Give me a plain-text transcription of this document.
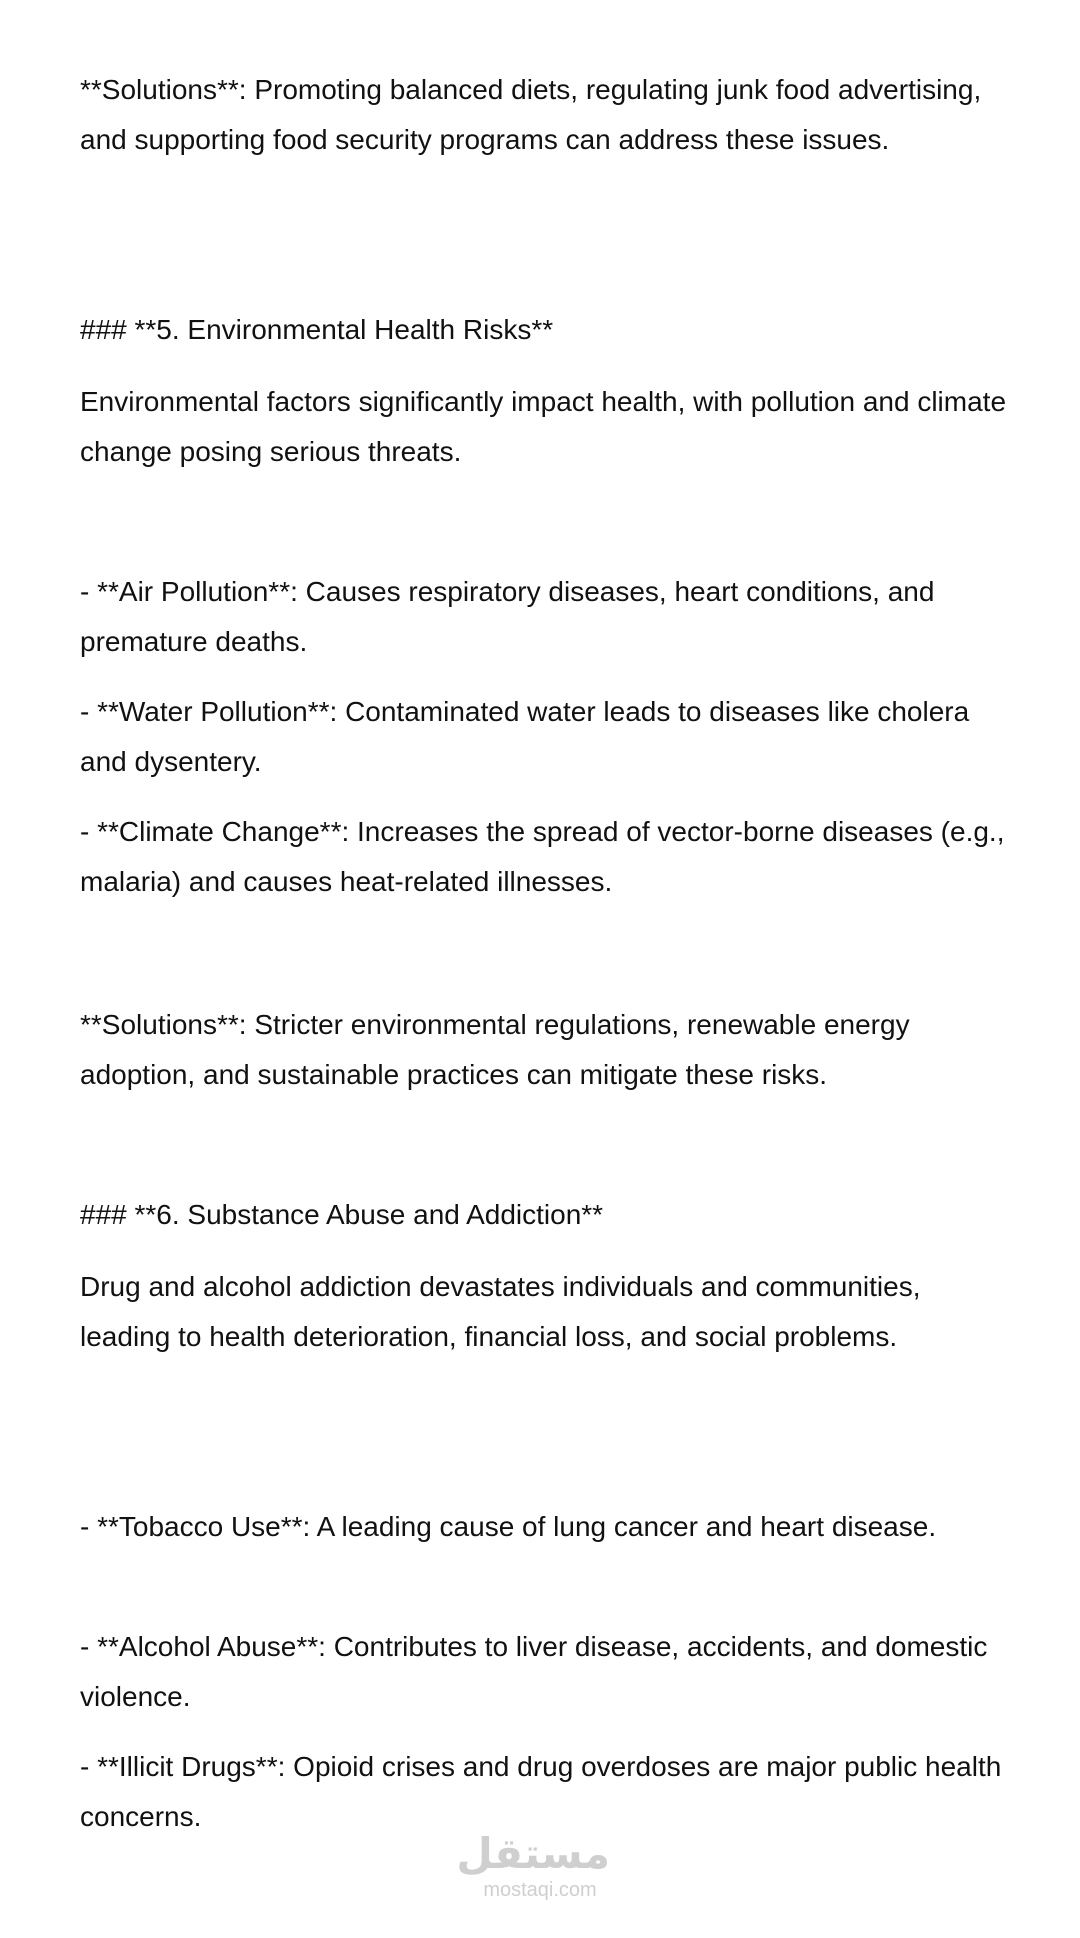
**Solutions**: Promoting balanced diets, regulating junk food advertising, and supporting food security programs can address these issues.

### **5. Environmental Health Risks**

Environmental factors significantly impact health, with pollution and climate change posing serious threats.

- **Air Pollution**: Causes respiratory diseases, heart conditions, and premature deaths.

- **Water Pollution**: Contaminated water leads to diseases like cholera and dysentery.

- **Climate Change**: Increases the spread of vector-borne diseases (e.g., malaria) and causes heat-related illnesses.

**Solutions**: Stricter environmental regulations, renewable energy adoption, and sustainable practices can mitigate these risks.

### **6. Substance Abuse and Addiction**

Drug and alcohol addiction devastates individuals and communities, leading to health deterioration, financial loss, and social problems.

- **Tobacco Use**: A leading cause of lung cancer and heart disease.

- **Alcohol Abuse**: Contributes to liver disease, accidents, and domestic violence.

- **Illicit Drugs**: Opioid crises and drug overdoses are major public health concerns.

مستقل
mostaqi.com
